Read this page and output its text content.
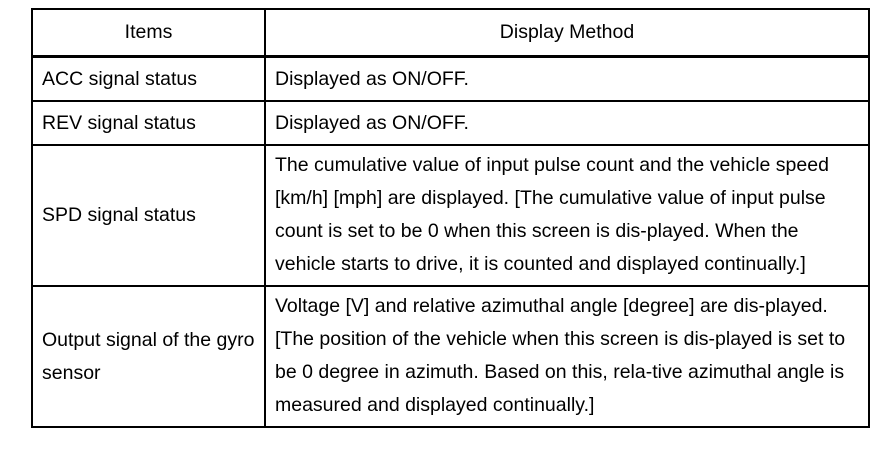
Items	Display Method
ACC signal status	Displayed as ON/OFF.
REV signal status	Displayed as ON/OFF.
SPD signal status	The cumulative value of input pulse count and the vehicle speed [km/h] [mph] are displayed. [The cumulative value of input pulse count is set to be 0 when this screen is dis-played. When the vehicle starts to drive, it is counted and displayed continually.]
Output signal of the gyro sensor	Voltage [V] and relative azimuthal angle [degree] are dis-played. [The position of the vehicle when this screen is dis-played is set to be 0 degree in azimuth. Based on this, rela-tive azimuthal angle is measured and displayed continually.]
